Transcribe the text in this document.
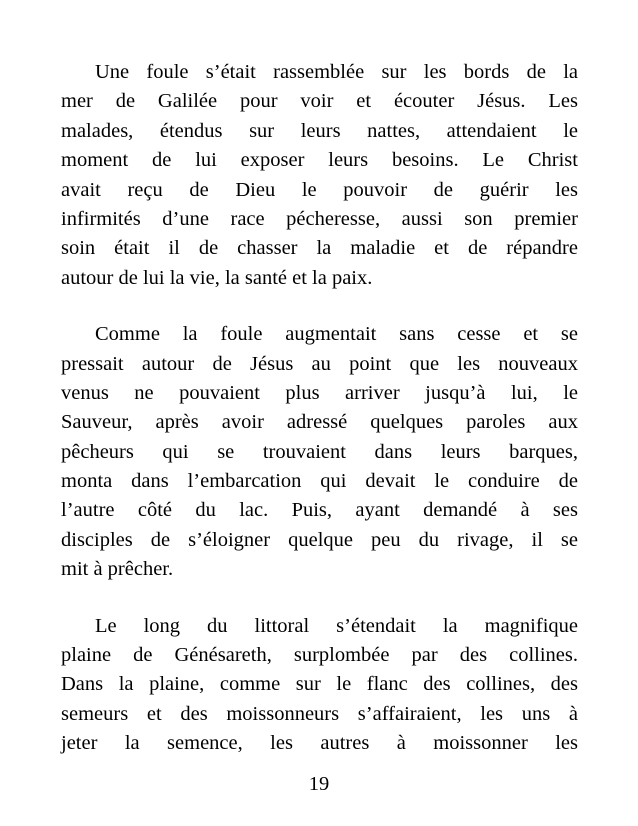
Une foule s’était rassemblée sur les bords de la
mer de Galilée pour voir et écouter Jésus. Les
malades, étendus sur leurs nattes, attendaient le
moment de lui exposer leurs besoins. Le Christ
avait reçu de Dieu le pouvoir de guérir les
infirmités d’une race pécheresse, aussi son premier
soin était il de chasser la maladie et de répandre
autour de lui la vie, la santé et la paix.
Comme la foule augmentait sans cesse et se
pressait autour de Jésus au point que les nouveaux
venus ne pouvaient plus arriver jusqu’à lui, le
Sauveur, après avoir adressé quelques paroles aux
pêcheurs qui se trouvaient dans leurs barques,
monta dans l’embarcation qui devait le conduire de
l’autre côté du lac. Puis, ayant demandé à ses
disciples de s’éloigner quelque peu du rivage, il se
mit à prêcher.
Le long du littoral s’étendait la magnifique
plaine de Génésareth, surplombée par des collines.
Dans la plaine, comme sur le flanc des collines, des
semeurs et des moissonneurs s’affairaient, les uns à
jeter la semence, les autres à moissonner les
19
